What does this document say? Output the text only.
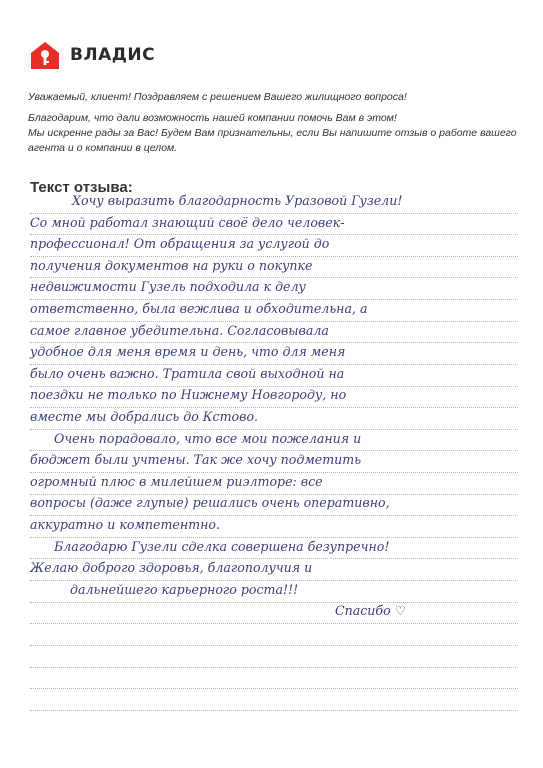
ВЛАДИС

Уважаемый, клиент! Поздравляем с решением Вашего жилищного вопроса!

Благодарим, что дали возможность нашей компании помочь Вам в этом!

Мы искренне рады за Вас! Будем Вам признательны, если Вы напишите отзыв о работе вашего агента и о компании в целом.

Текст отзыва:
Хочу выразить благодарность Уразовой Гузели!
Со мной работал знающий своё дело человек-
профессионал! От обращения за услугой до
получения документов на руки о покупке
недвижимости Гузель подходила к делу
ответственно, была вежлива и обходительна, а
самое главное убедительна. Согласовывала
удобное для меня время и день, что для меня
было очень важно. Тратила свой выходной на
поездки не только по Нижнему Новгороду, но
вместе мы добрались до Кстово.
Очень порадовало, что все мои пожелания и
бюджет были учтены. Так же хочу подметить
огромный плюс в милейшем риэлторе: все
вопросы (даже глупые) решались очень оперативно,
аккуратно и компетентно.
Благодарю Гузели сделка совершена безупречно!
Желаю доброго здоровья, благополучия и
дальнейшего карьерного роста!!!
Спасибо ♡
